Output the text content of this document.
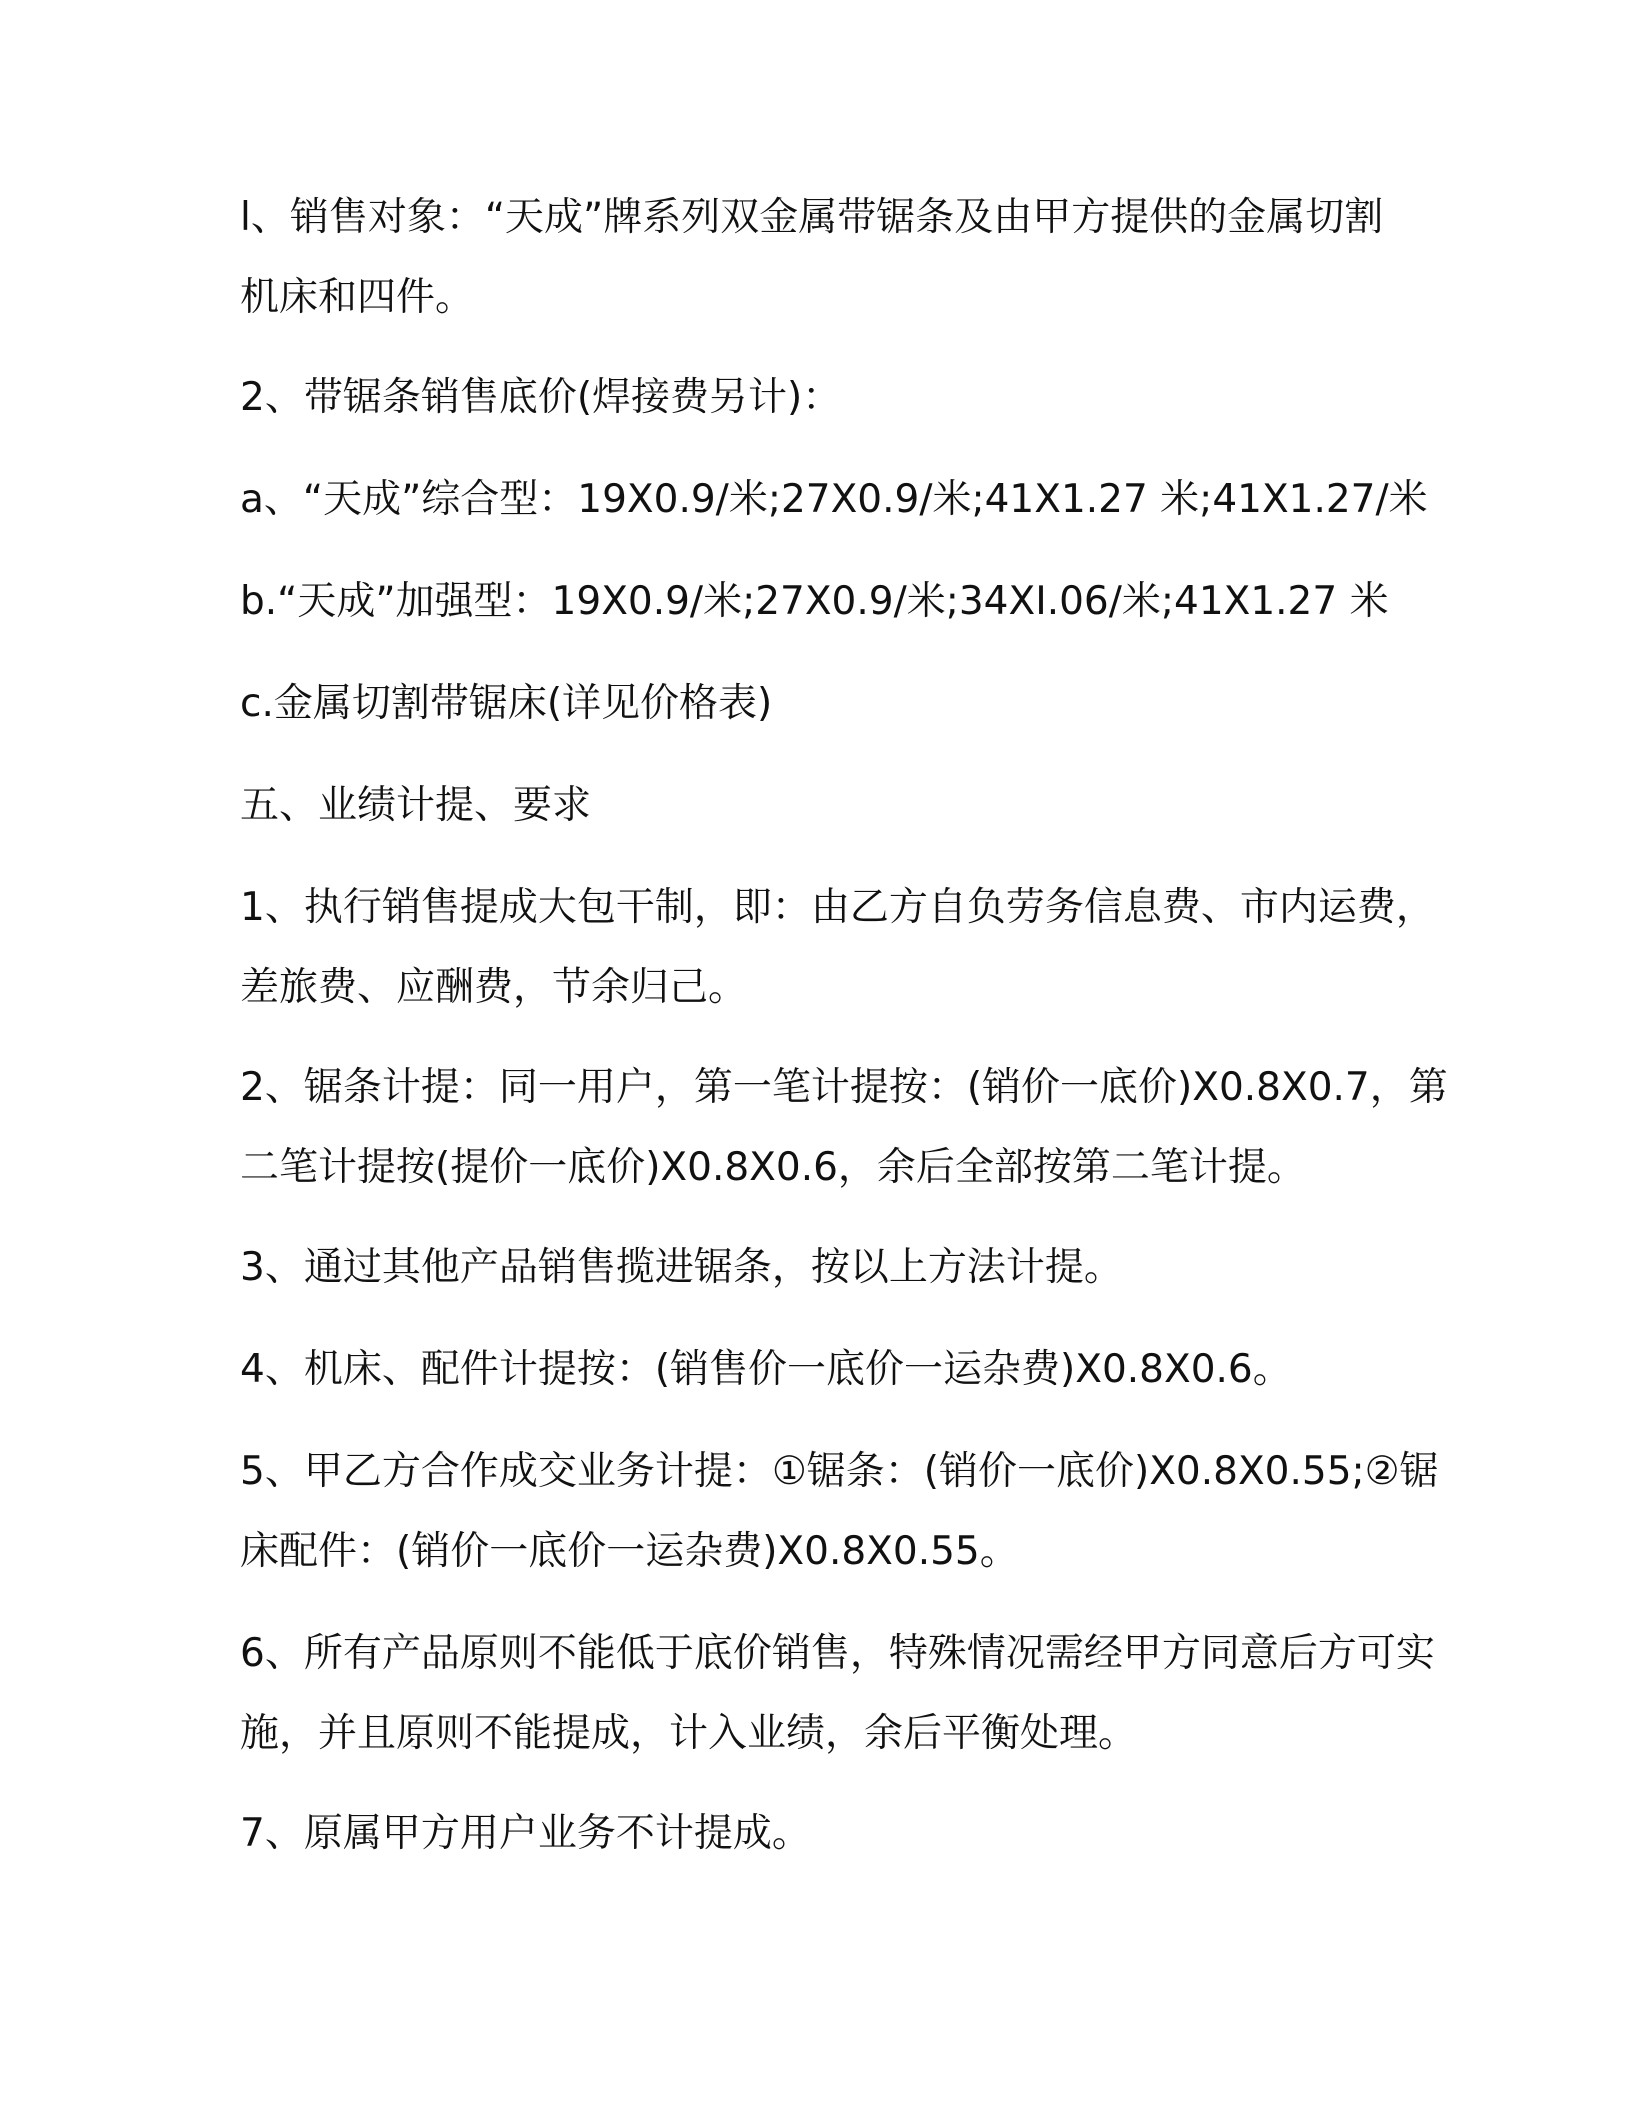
l、销售对象：“天成”牌系列双金属带锯条及由甲方提供的金属切割
机床和四件。
2、带锯条销售底价(焊接费另计)：
a、“天成”综合型：19X0.9/米;27X0.9/米;41X1.27 米;41X1.27/米
b.“天成”加强型：19X0.9/米;27X0.9/米;34XI.06/米;41X1.27 米
c.金属切割带锯床(详见价格表)
五、业绩计提、要求
1、执行销售提成大包干制，即：由乙方自负劳务信息费、市内运费，
差旅费、应酬费，节余归己。
2、锯条计提：同一用户，第一笔计提按：(销价一底价)X0.8X0.7，第
二笔计提按(提价一底价)X0.8X0.6，余后全部按第二笔计提。
3、通过其他产品销售揽进锯条，按以上方法计提。
4、机床、配件计提按：(销售价一底价一运杂费)X0.8X0.6。
5、甲乙方合作成交业务计提：①锯条：(销价一底价)X0.8X0.55;②锯
床配件：(销价一底价一运杂费)X0.8X0.55。
6、所有产品原则不能低于底价销售，特殊情况需经甲方同意后方可实
施，并且原则不能提成，计入业绩，余后平衡处理。
7、原属甲方用户业务不计提成。
